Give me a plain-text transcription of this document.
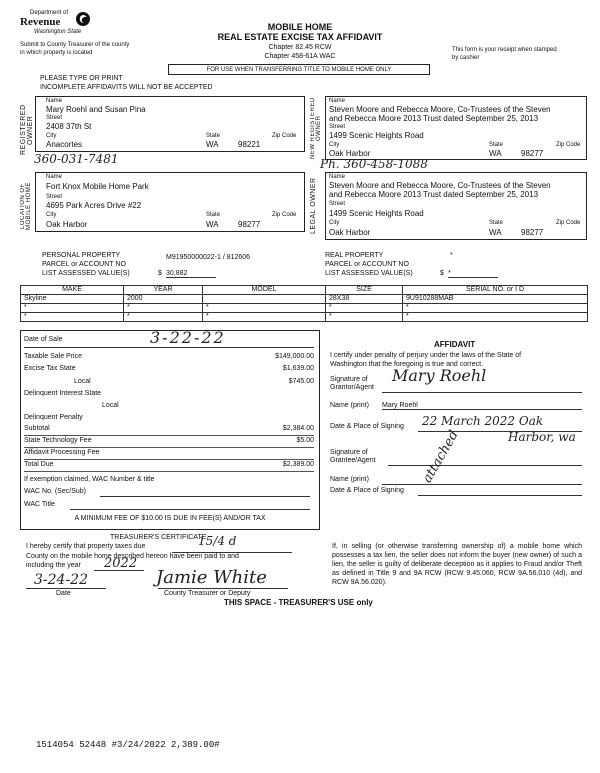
Department of
Revenue
Washington State
Submit to County Treasurer of the county
in which property is located
MOBILE HOME
REAL ESTATE EXCISE TAX AFFIDAVIT
Chapter 82.45 RCW
Chapter 458-61A WAC
This form is your receipt when stamped
by cashier
FOR USE WHEN TRANSFERRING TITLE TO MOBILE HOME ONLY
PLEASE TYPE OR PRINT
INCOMPLETE AFFIDAVITS WILL NOT BE ACCEPTED
REGISTERED OWNER
Name
Mary Roehl and Susan Pina
Street
2408 37th St
City	State	Zip Code
Anacortes	WA 98221
360-031-7481
NEW REGISTERED OWNER
Name
Steven Moore and Rebecca Moore, Co-Trustees of the Steven
and Rebecca Moore 2013 Trust dated September 25, 2013
Street
1499 Scenic Heights Road
City	State	Zip Code
Oak Harbor	WA 98277
Ph. 360-458-1088
LOCATION OF MOBILE HOME
Name
Fort Knox Mobile Home Park
Street
4695 Park Acres Drive #22
City	State	Zip Code
Oak Harbor	WA 98277	LEGAL OWNER
Name
Steven Moore and Rebecca Moore, Co-Trustees of the Steven
and Rebecca Moore 2013 Trust dated September 25, 2013
Street
1499 Scenic Heights Road
City	State	Zip Code
Oak Harbor	WA 98277
PERSONAL PROPERTY
PARCEL or ACCOUNT NO
LIST ASSESSED VALUE(S)
M91950000022-1 / 812606
$ 30,882
REAL PROPERTY
PARCEL or ACCOUNT NO
LIST ASSESSED VALUE(S)
*
$ *
MAKE	YEAR	MODEL	SIZE	SERIAL NO. or I D
Skyline	2000		28X38	9U910288MAB
*	*	*	*	*
*	*	*	*	*
Date of Sale	3-22-22
Taxable Sale Price	$149,000.00
Excise Tax State	$1,639.00
Local	$745.00
Delinquent Interest State
Local
Delinquent Penalty
Subtotal	$2,384.00
State Technology Fee	$5.00
Affidavit Processing Fee
Total Due	$2,389.00
If exemption claimed, WAC Number & title
WAC No. (Sec/Sub)
WAC Title
A MINIMUM FEE OF $10.00 IS DUE IN FEE(S) AND/OR TAX
AFFIDAVIT
I certify under penalty of perjury under the laws of the State of
Washington that the foregoing is true and correct.
Signature of
Grantor/Agent
Mary Roehl
Name (print) Mary Roehl
Date & Place of Signing 22 March 2022 Oak
Harbor, wa
Signature of
Grantee/Agent
Name (print)
Date & Place of Signing
attached
TREASURER'S CERTIFICATE
I hereby certify that property taxes due	15/4 d
County on the mobile home described hereon have been paid to and
including the year 2022
3-24-22
Date
Jamie White
County Treasurer or Deputy
THIS SPACE - TREASURER'S USE only
If, in selling (or otherwise transferring ownership of) a mobile home which possesses a tax lien, the seller does not inform the buyer (new owner) of such a lien, the seller is guilty of deliberate deception as it applies to Fraud and/or Theft as defined in Title 9 and 9A RCW (RCW 9.45.060, RCW 9A.56.010 (4d), and RCW 9A.56.020).
1514054 52448 #3/24/2022 2,389.00#
